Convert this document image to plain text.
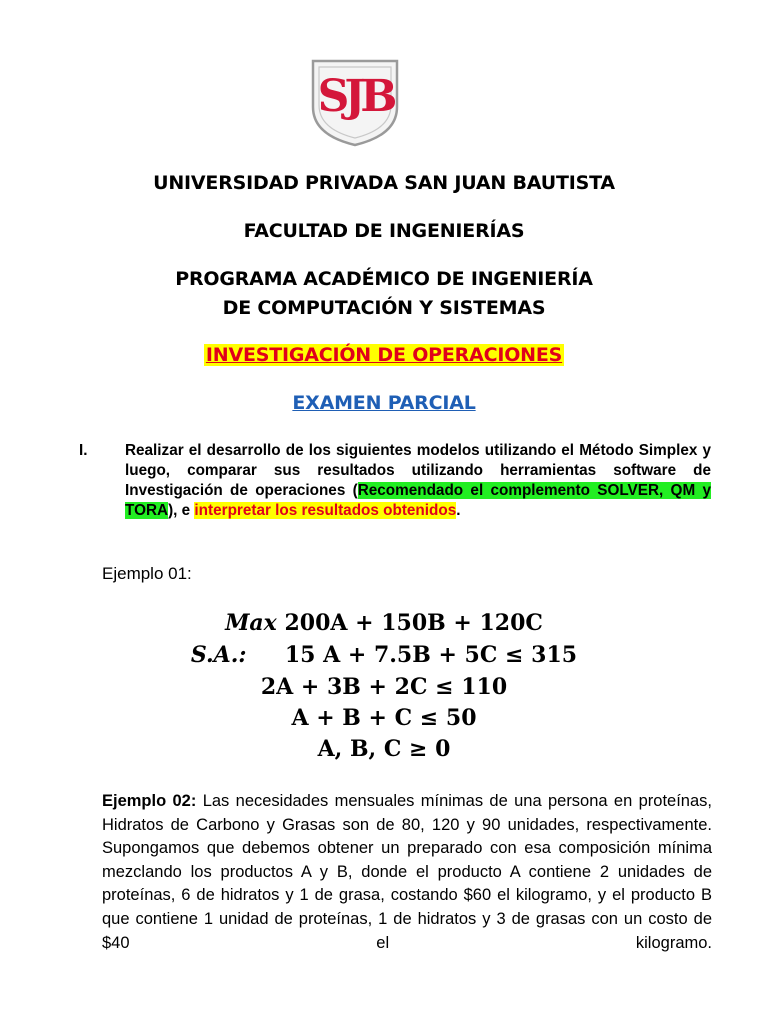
SJB
UNIVERSIDAD PRIVADA SAN JUAN BAUTISTA
FACULTAD DE INGENIERÍAS
PROGRAMA ACADÉMICO DE INGENIERÍA
DE COMPUTACIÓN Y SISTEMAS
INVESTIGACIÓN DE OPERACIONES
EXAMEN PARCIAL
I. Realizar el desarrollo de los siguientes modelos utilizando el Método Simplex y luego, comparar sus resultados utilizando herramientas software de Investigación de operaciones (Recomendado el complemento SOLVER, QM y TORA), e interpretar los resultados obtenidos.
Ejemplo 01:
Max 200A + 150B + 120C
S.A.: 15 A + 7.5B + 5C ≤ 315
2A + 3B + 2C ≤ 110
A + B + C ≤ 50
A, B, C ≥ 0
Ejemplo 02: Las necesidades mensuales mínimas de una persona en proteínas, Hidratos de Carbono y Grasas son de 80, 120 y 90 unidades, respectivamente. Supongamos que debemos obtener un preparado con esa composición mínima mezclando los productos A y B, donde el producto A contiene 2 unidades de proteínas, 6 de hidratos y 1 de grasa, costando $60 el kilogramo, y el producto B que contiene 1 unidad de proteínas, 1 de hidratos y 3 de grasas con un costo de $40 el kilogramo.
